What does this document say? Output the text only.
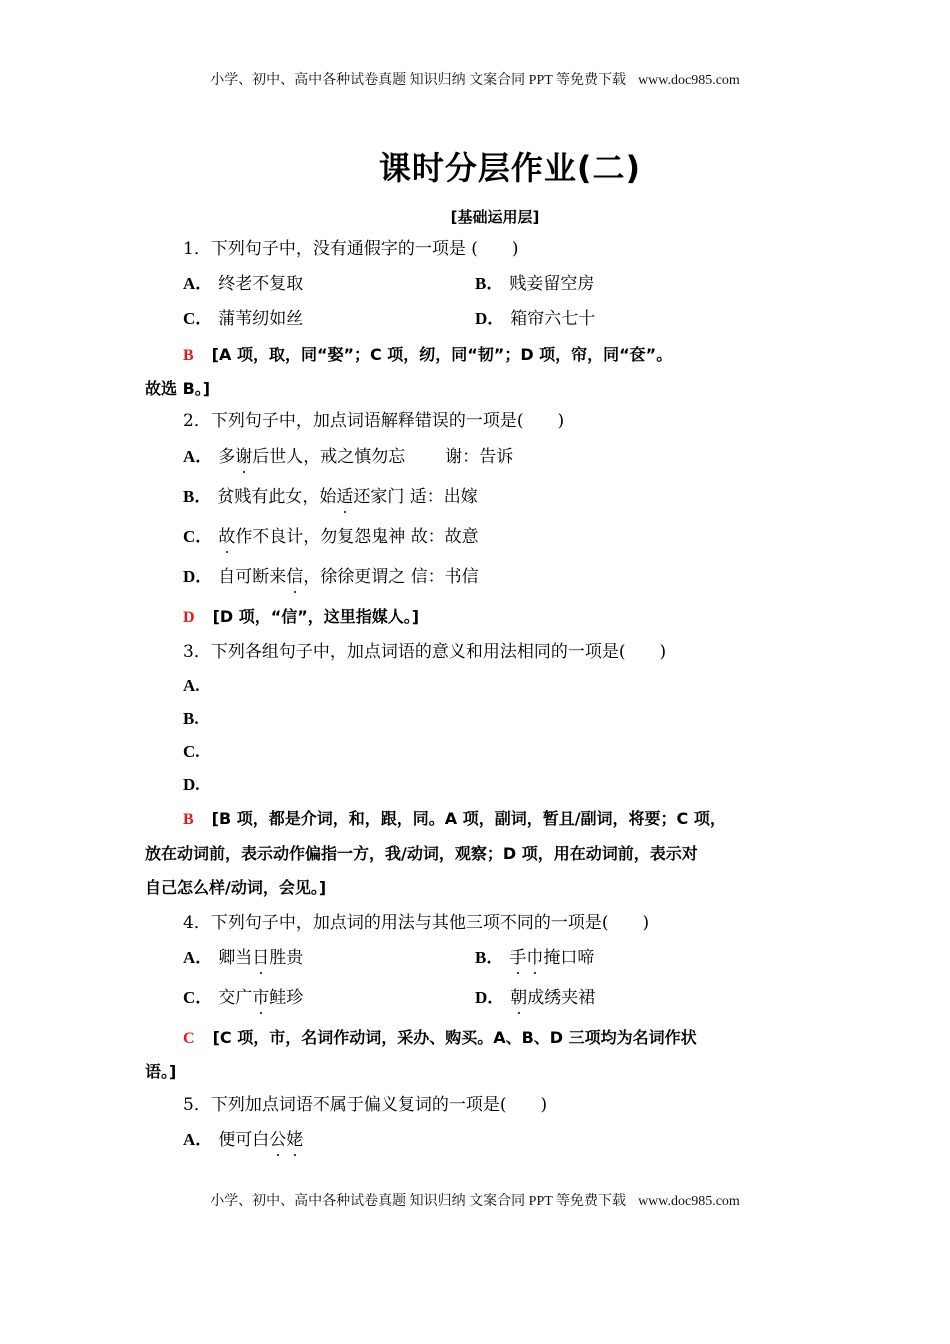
小学、初中、高中各种试卷真题 知识归纳 文案合同 PPT 等免费下载 www.doc985.com
课时分层作业(二)
[基础运用层]
1．下列句子中，没有通假字的一项是 (　　)
A． 终老不复取	B． 贱妾留空房
C． 蒲苇纫如丝	D． 箱帘六七十
B [A 项，取，同“娶”；C 项，纫，同“韧”；D 项，帘，同“奁”。
故选 B。]
2．下列句子中，加点词语解释错误的一项是(　　)
A． 多谢后世人，戒之慎勿忘 谢：告诉
B． 贫贱有此女，始适还家门 适：出嫁
C． 故作不良计，勿复怨鬼神 故：故意
D． 自可断来信，徐徐更谓之 信：书信
D [D 项，“信”，这里指媒人。]
3．下列各组句子中，加点词语的意义和用法相同的一项是(　　)
A.
B.
C.
D.
B [B 项，都是介词，和，跟，同。A 项，副词，暂且/副词，将要；C 项，
放在动词前，表示动作偏指一方，我/动词，观察；D 项，用在动词前，表示对
自己怎么样/动词，会见。]
4．下列句子中，加点词的用法与其他三项不同的一项是(　　)
A． 卿当日胜贵	B． 手巾掩口啼
C． 交广市鲑珍	D． 朝成绣夹裙
C [C 项，市，名词作动词，采办、购买。A、B、D 三项均为名词作状
语。]
5．下列加点词语不属于偏义复词的一项是(　　)
A． 便可白公姥
小学、初中、高中各种试卷真题 知识归纳 文案合同 PPT 等免费下载 www.doc985.com
